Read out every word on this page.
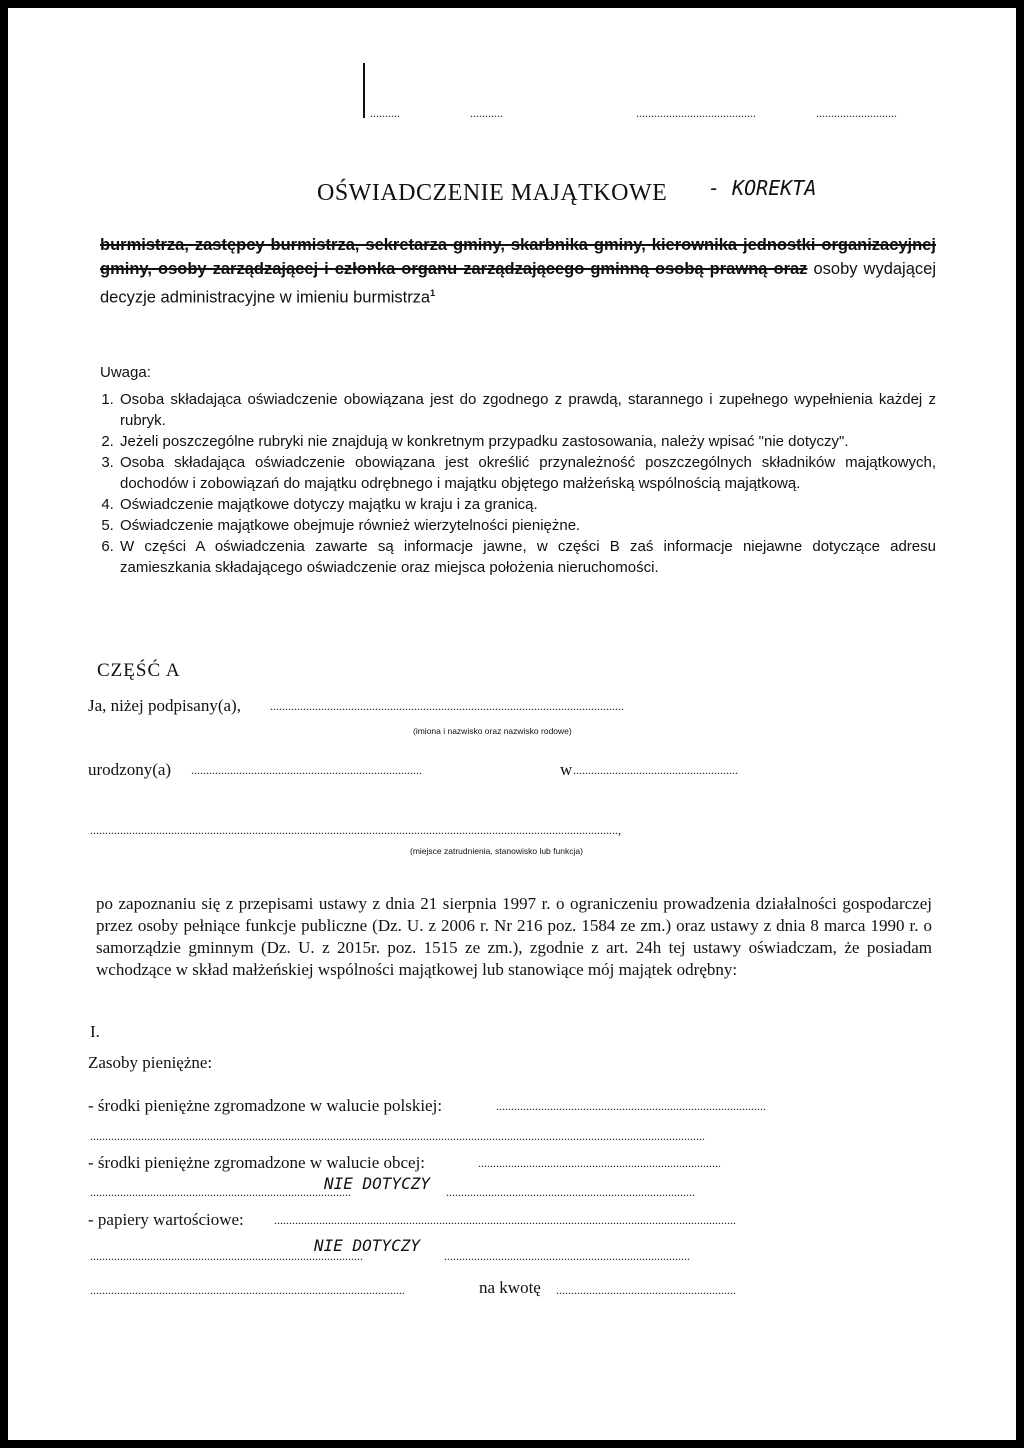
..........	...........	........................................	...........................
OŚWIADCZENIE MAJĄTKOWE - KOREKTA
burmistrza, zastępcy burmistrza, sekretarza gminy, skarbnika gminy, kierownika jednostki organizacyjnej gminy, osoby zarządzającej i członka organu zarządzającego gminną osobą prawną oraz osoby wydającej decyzje administracyjne w imieniu burmistrza$^1$
Uwaga:
1. Osoba składająca oświadczenie obowiązana jest do zgodnego z prawdą, starannego i zupełnego wypełnienia każdej z rubryk.
2. Jeżeli poszczególne rubryki nie znajdują w konkretnym przypadku zastosowania, należy wpisać "nie dotyczy".
3. Osoba składająca oświadczenie obowiązana jest określić przynależność poszczególnych składników majątkowych, dochodów i zobowiązań do majątku odrębnego i majątku objętego małżeńską wspólnością majątkową.
4. Oświadczenie majątkowe dotyczy majątku w kraju i za granicą.
5. Oświadczenie majątkowe obejmuje również wierzytelności pieniężne.
6. W części A oświadczenia zawarte są informacje jawne, w części B zaś informacje niejawne dotyczące adresu zamieszkania składającego oświadczenie oraz miejsca położenia nieruchomości.
CZĘŚĆ A
Ja, niżej podpisany(a), ......................................................................................................................
(imiona i nazwisko oraz nazwisko rodowe)
urodzony(a) .............................................................................	w .......................................................
................................................................................................................................................................................,
(miejsce zatrudnienia, stanowisko lub funkcja)
po zapoznaniu się z przepisami ustawy z dnia 21 sierpnia 1997 r. o ograniczeniu prowadzenia działalności gospodarczej przez osoby pełniące funkcje publiczne (Dz. U. z 2006 r. Nr 216 poz. 1584 ze zm.) oraz ustawy z dnia 8 marca 1990 r. o samorządzie gminnym (Dz. U. z 2015r. poz. 1515 ze zm.), zgodnie z art. 24h tej ustawy oświadczam, że posiadam wchodzące w skład małżeńskiej wspólności majątkowej lub stanowiące mój majątek odrębny:
I.
Zasoby pieniężne:
- środki pieniężne zgromadzone w walucie polskiej:	..........................................................................................
.............................................................................................................................................................................................................
- środki pieniężne zgromadzone w walucie obcej:	.................................................................................
.......................................................................................
NIE DOTYCZY ...................................................................................
- papiery wartościowe:	..........................................................................................................................................................
...........................................................................................
NIE DOTYCZY
..................................................................................
.........................................................................................................	na kwotę ............................................................
